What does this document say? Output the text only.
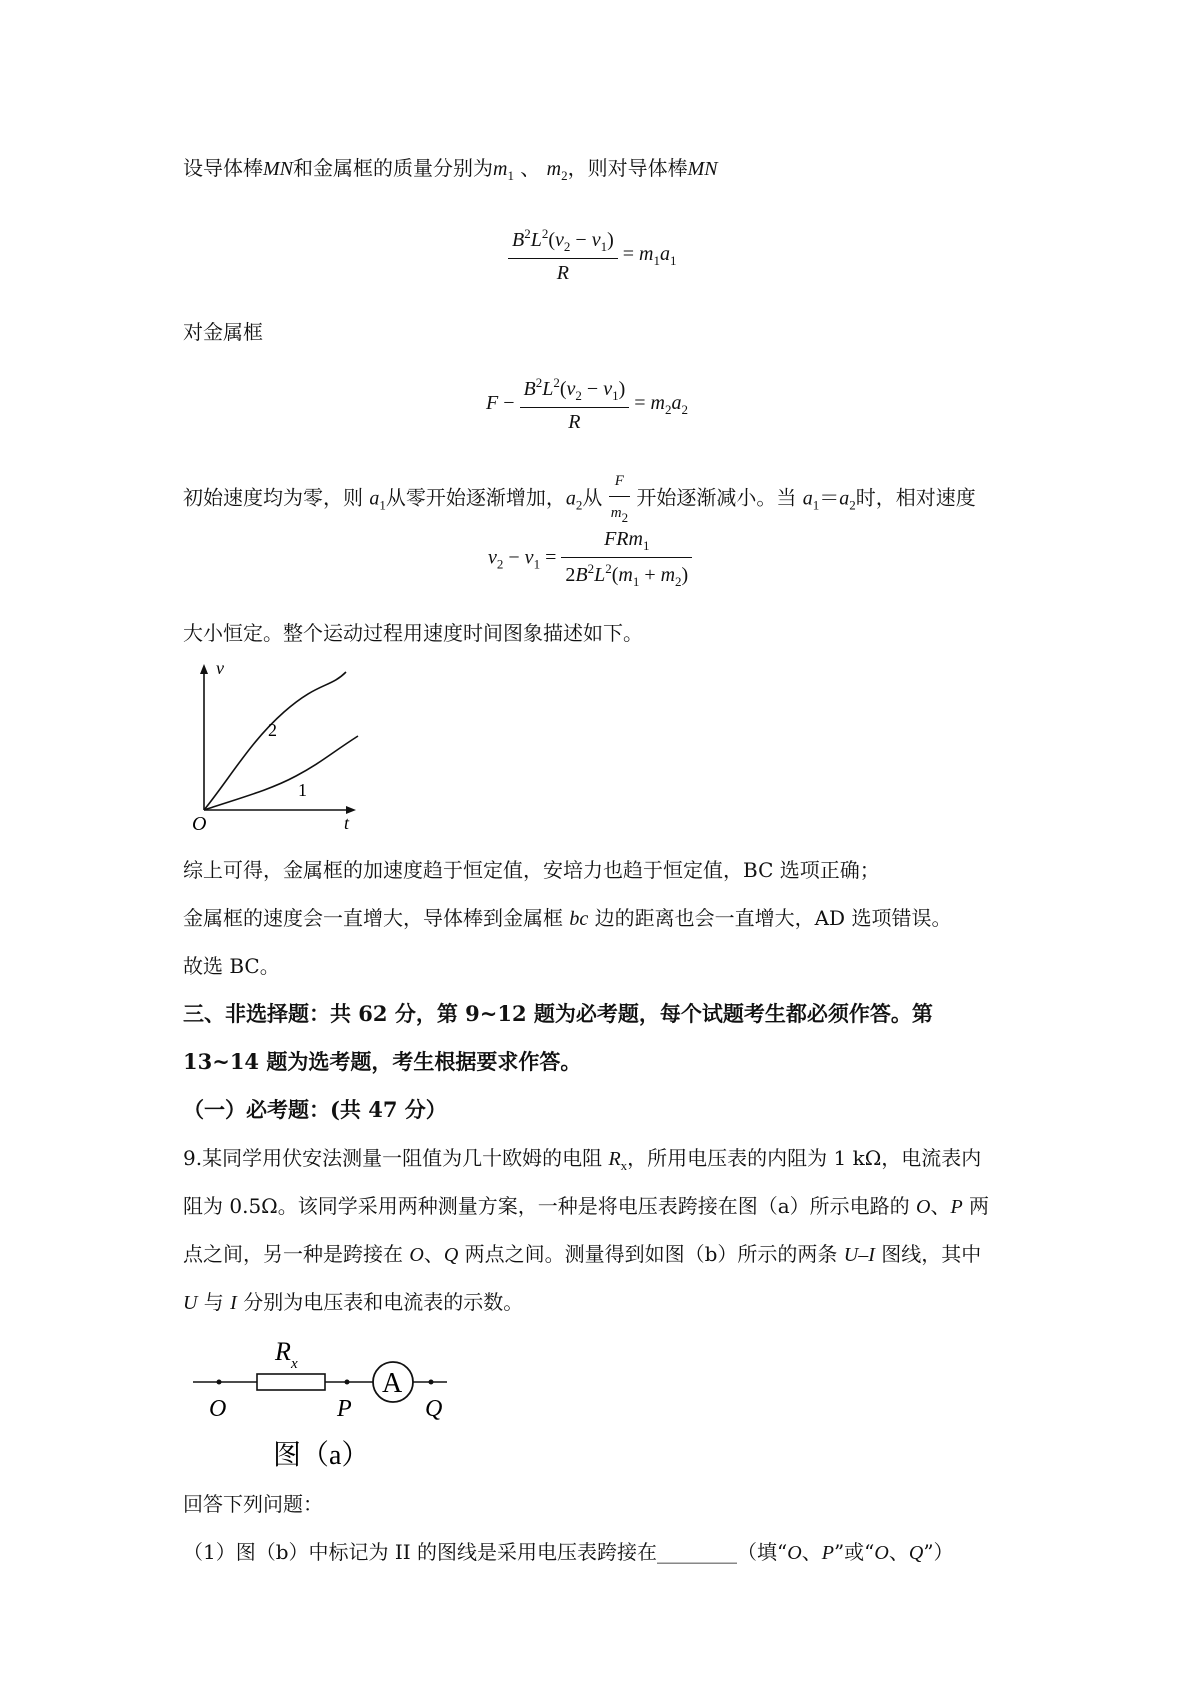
设导体棒MN和金属框的质量分别为$m_1$ 、 $m_2$，则对导体棒MN
$\frac{B^2L^2(v_2 - v_1)}{R} = m_1a_1$
对金属框
$F - \frac{B^2L^2(v_2 - v_1)}{R} = m_2a_2$
初始速度均为零，则 $a_1$从零开始逐渐增加，$a_2$从 $\frac{F}{m2}$ 开始逐渐减小。当 $a_1=a_2$时，相对速度
$v_2 - v_1 = \frac{FRm_1}{2B^2L^2(m_1 + m_2)}$
大小恒定。整个运动过程用速度时间图象描述如下。
v
t
O
2
1
综上可得，金属框的加速度趋于恒定值，安培力也趋于恒定值，BC 选项正确；
金属框的速度会一直增大，导体棒到金属框 bc 边的距离也会一直增大，AD 选项错误。
故选 BC。
三、非选择题：共 62 分，第 9~12 题为必考题，每个试题考生都必须作答。第
13~14 题为选考题，考生根据要求作答。
（一）必考题：(共 47 分）
9.某同学用伏安法测量一阻值为几十欧姆的电阻 $R_x$，所用电压表的内阻为 1 kΩ，电流表内
阻为 0.5Ω。该同学采用两种测量方案，一种是将电压表跨接在图（a）所示电路的 O、P 两
点之间，另一种是跨接在 O、Q 两点之间。测量得到如图（b）所示的两条 U–I 图线，其中
U 与 I 分别为电压表和电流表的示数。
R x
A
O	P	Q
图（a）
回答下列问题：
（1）图（b）中标记为 II 的图线是采用电压表跨接在________（填“O、P”或“O、Q”）
